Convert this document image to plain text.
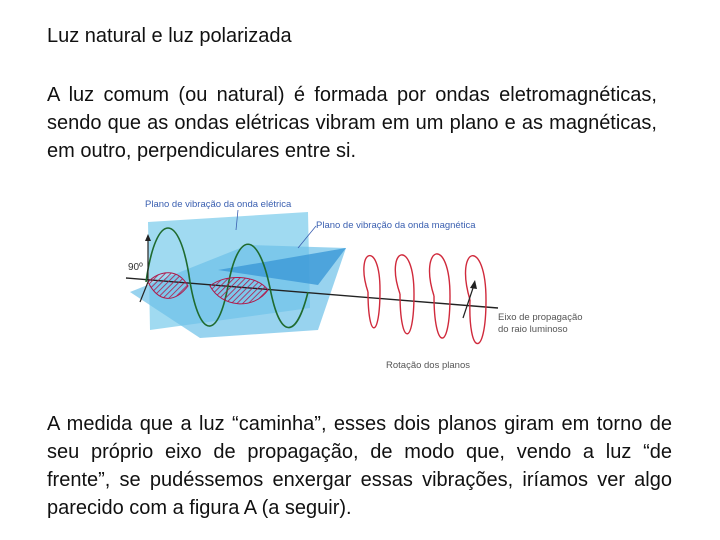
Luz natural e luz polarizada

A luz comum (ou natural) é formada por ondas eletromagnéticas, sendo que as ondas elétricas vibram em um plano e as magnéticas, em outro, perpendiculares entre si.

90º
Plano de vibração da onda elétrica
Plano de vibração da onda magnética
Eixo de propagação
do raio luminoso
Rotação dos planos

A medida que a luz “caminha”, esses dois planos giram em torno de seu próprio eixo de propagação, de modo que, vendo a luz “de frente”, se pudéssemos enxergar essas vibrações, iríamos ver algo parecido com a figura A (a seguir).
